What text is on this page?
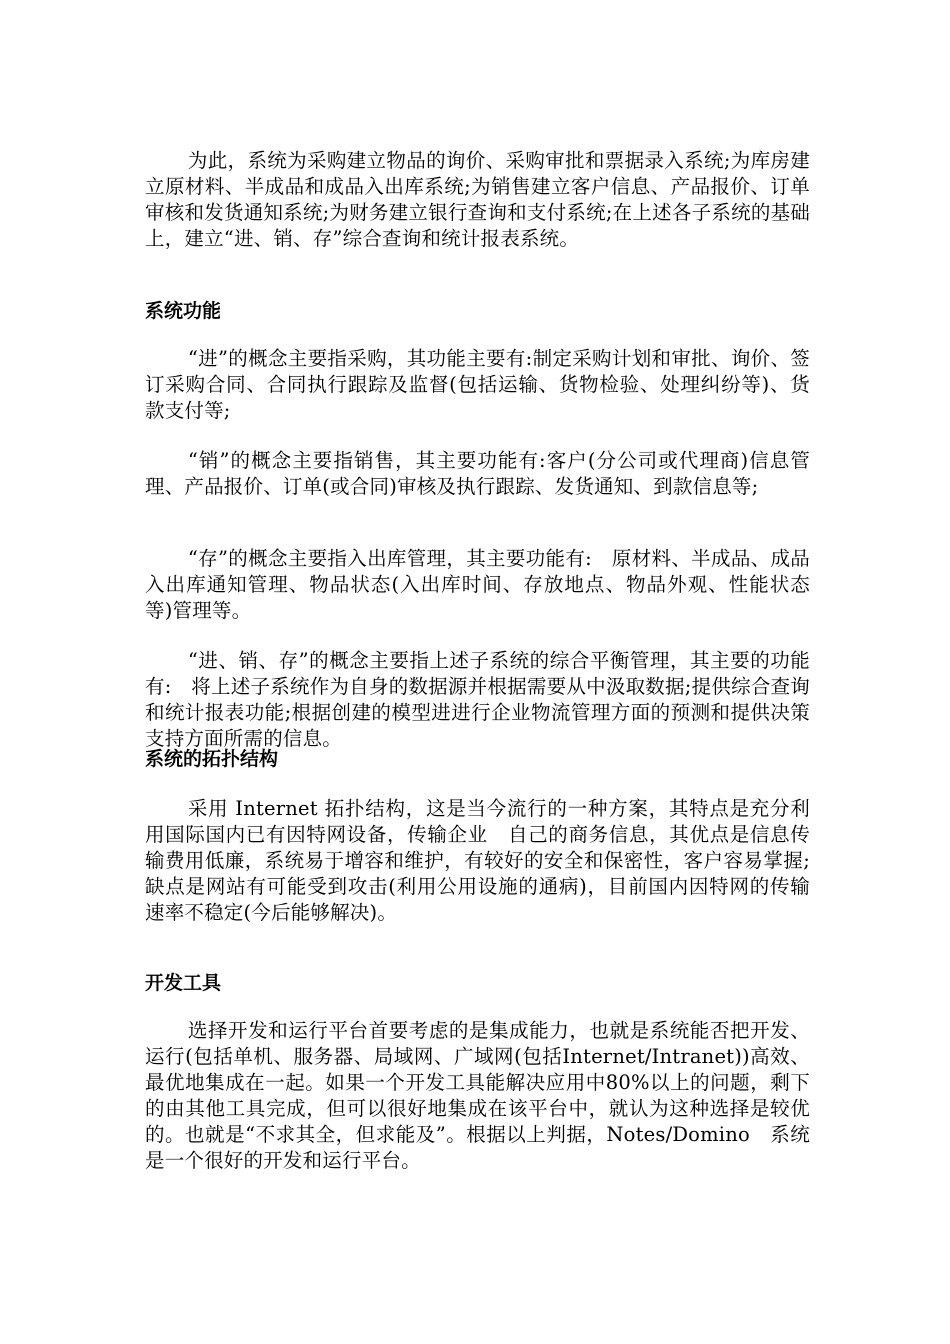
为此，系统为采购建立物品的询价、采购审批和票据录入系统;为库房建立原材料、半成品和成品入出库系统;为销售建立客户信息、产品报价、订单审核和发货通知系统;为财务建立银行查询和支付系统;在上述各子系统的基础上，建立“进、销、存”综合查询和统计报表系统。

系统功能

“进”的概念主要指采购，其功能主要有:制定采购计划和审批、询价、签订采购合同、合同执行跟踪及监督(包括运输、货物检验、处理纠纷等)、货款支付等;

“销”的概念主要指销售，其主要功能有:客户(分公司或代理商)信息管理、产品报价、订单(或合同)审核及执行跟踪、发货通知、到款信息等;

“存”的概念主要指入出库管理，其主要功能有:　原材料、半成品、成品入出库通知管理、物品状态(入出库时间、存放地点、物品外观、性能状态等)管理等。

“进、销、存”的概念主要指上述子系统的综合平衡管理，其主要的功能有:　将上述子系统作为自身的数据源并根据需要从中汲取数据;提供综合查询和统计报表功能;根据创建的模型进进行企业物流管理方面的预测和提供决策支持方面所需的信息。

系统的拓扑结构

采用 Internet 拓扑结构，这是当今流行的一种方案，其特点是充分利用国际国内已有因特网设备，传输企业　自己的商务信息，其优点是信息传输费用低廉，系统易于增容和维护，有较好的安全和保密性，客户容易掌握;缺点是网站有可能受到攻击(利用公用设施的通病)，目前国内因特网的传输速率不稳定(今后能够解决)。

开发工具

选择开发和运行平台首要考虑的是集成能力，也就是系统能否把开发、运行(包括单机、服务器、局域网、广域网(包括Internet/Intranet))高效、最优地集成在一起。如果一个开发工具能解决应用中80%以上的问题，剩下的由其他工具完成，但可以很好地集成在该平台中，就认为这种选择是较优的。也就是“不求其全，但求能及”。根据以上判据，Notes/Domino　系统是一个很好的开发和运行平台。
